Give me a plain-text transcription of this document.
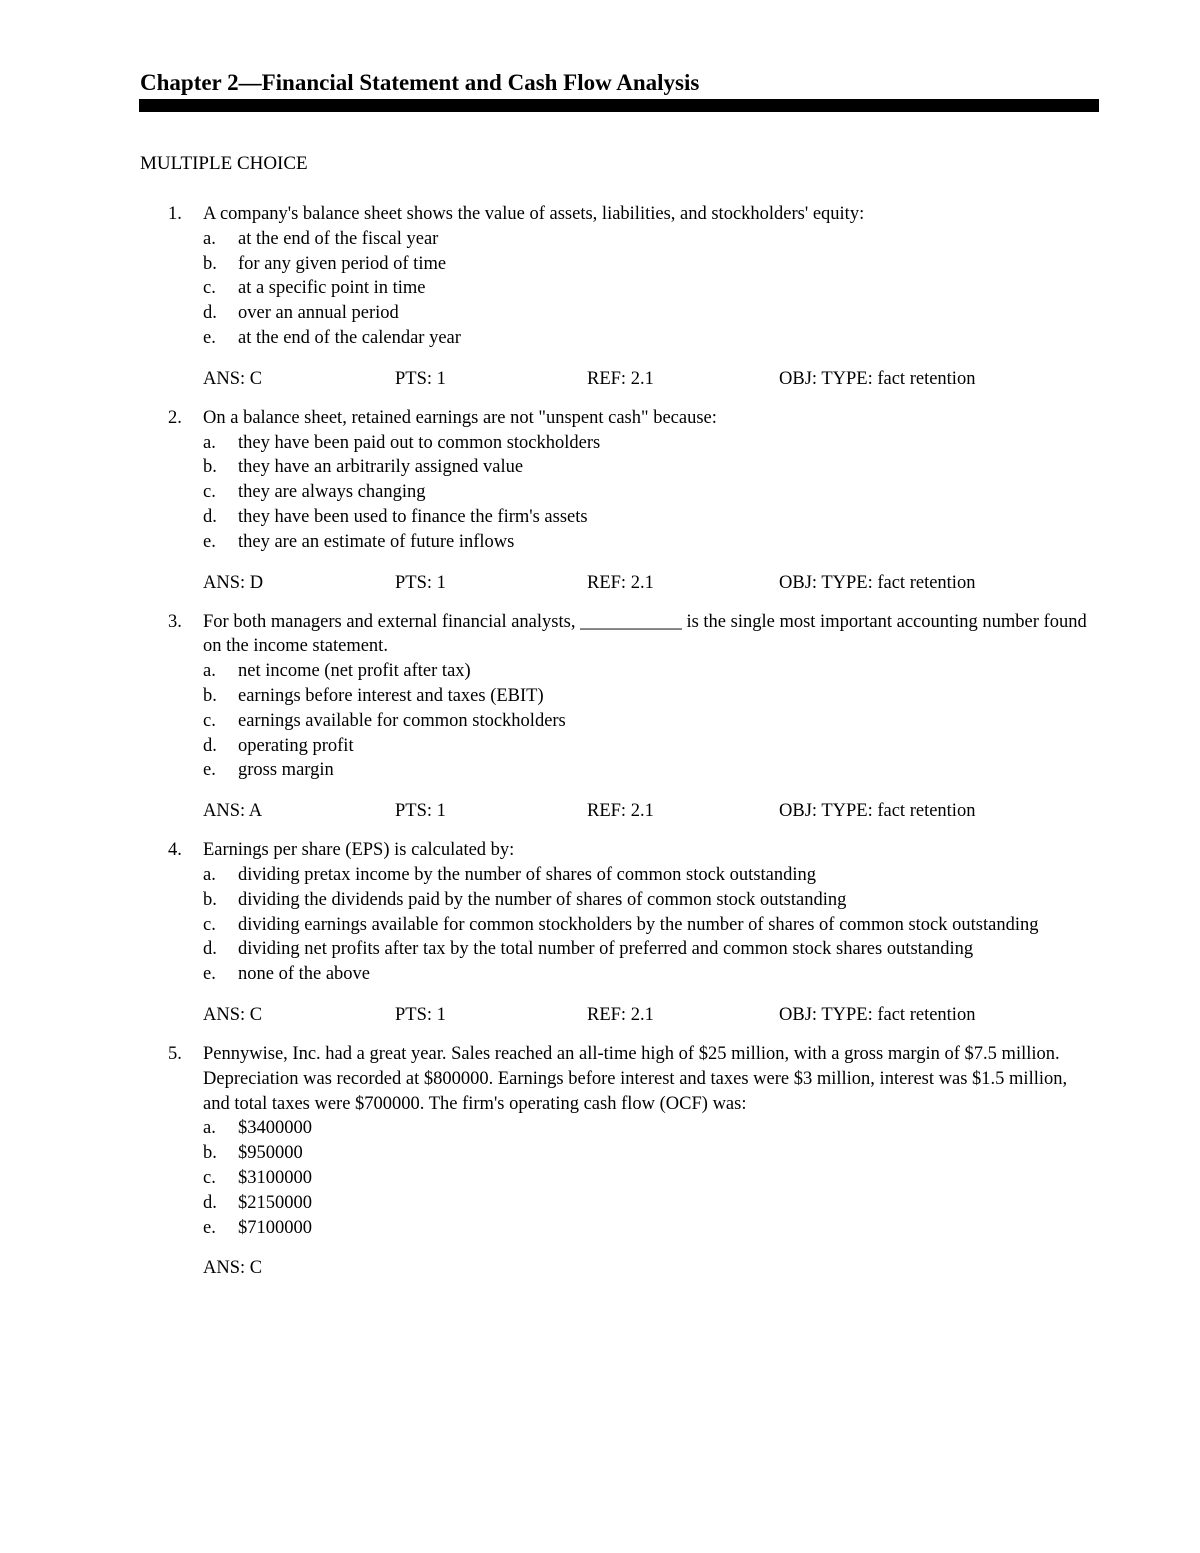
Chapter 2—Financial Statement and Cash Flow Analysis
MULTIPLE CHOICE
1. A company's balance sheet shows the value of assets, liabilities, and stockholders' equity:
a. at the end of the fiscal year
b. for any given period of time
c. at a specific point in time
d. over an annual period
e. at the end of the calendar year
ANS: C	PTS: 1	REF: 2.1	OBJ: TYPE: fact retention
2. On a balance sheet, retained earnings are not "unspent cash" because:
a. they have been paid out to common stockholders
b. they have an arbitrarily assigned value
c. they are always changing
d. they have been used to finance the firm's assets
e. they are an estimate of future inflows
ANS: D	PTS: 1	REF: 2.1	OBJ: TYPE: fact retention
3. For both managers and external financial analysts, ___________ is the single most important accounting number found on the income statement.
a. net income (net profit after tax)
b. earnings before interest and taxes (EBIT)
c. earnings available for common stockholders
d. operating profit
e. gross margin
ANS: A	PTS: 1	REF: 2.1	OBJ: TYPE: fact retention
4. Earnings per share (EPS) is calculated by:
a. dividing pretax income by the number of shares of common stock outstanding
b. dividing the dividends paid by the number of shares of common stock outstanding
c. dividing earnings available for common stockholders by the number of shares of common stock outstanding
d. dividing net profits after tax by the total number of preferred and common stock shares outstanding
e. none of the above
ANS: C	PTS: 1	REF: 2.1	OBJ: TYPE: fact retention
5. Pennywise, Inc. had a great year. Sales reached an all-time high of $25 million, with a gross margin of $7.5 million. Depreciation was recorded at $800000. Earnings before interest and taxes were $3 million, interest was $1.5 million, and total taxes were $700000. The firm's operating cash flow (OCF) was:
a. $3400000
b. $950000
c. $3100000
d. $2150000
e. $7100000
ANS: C
